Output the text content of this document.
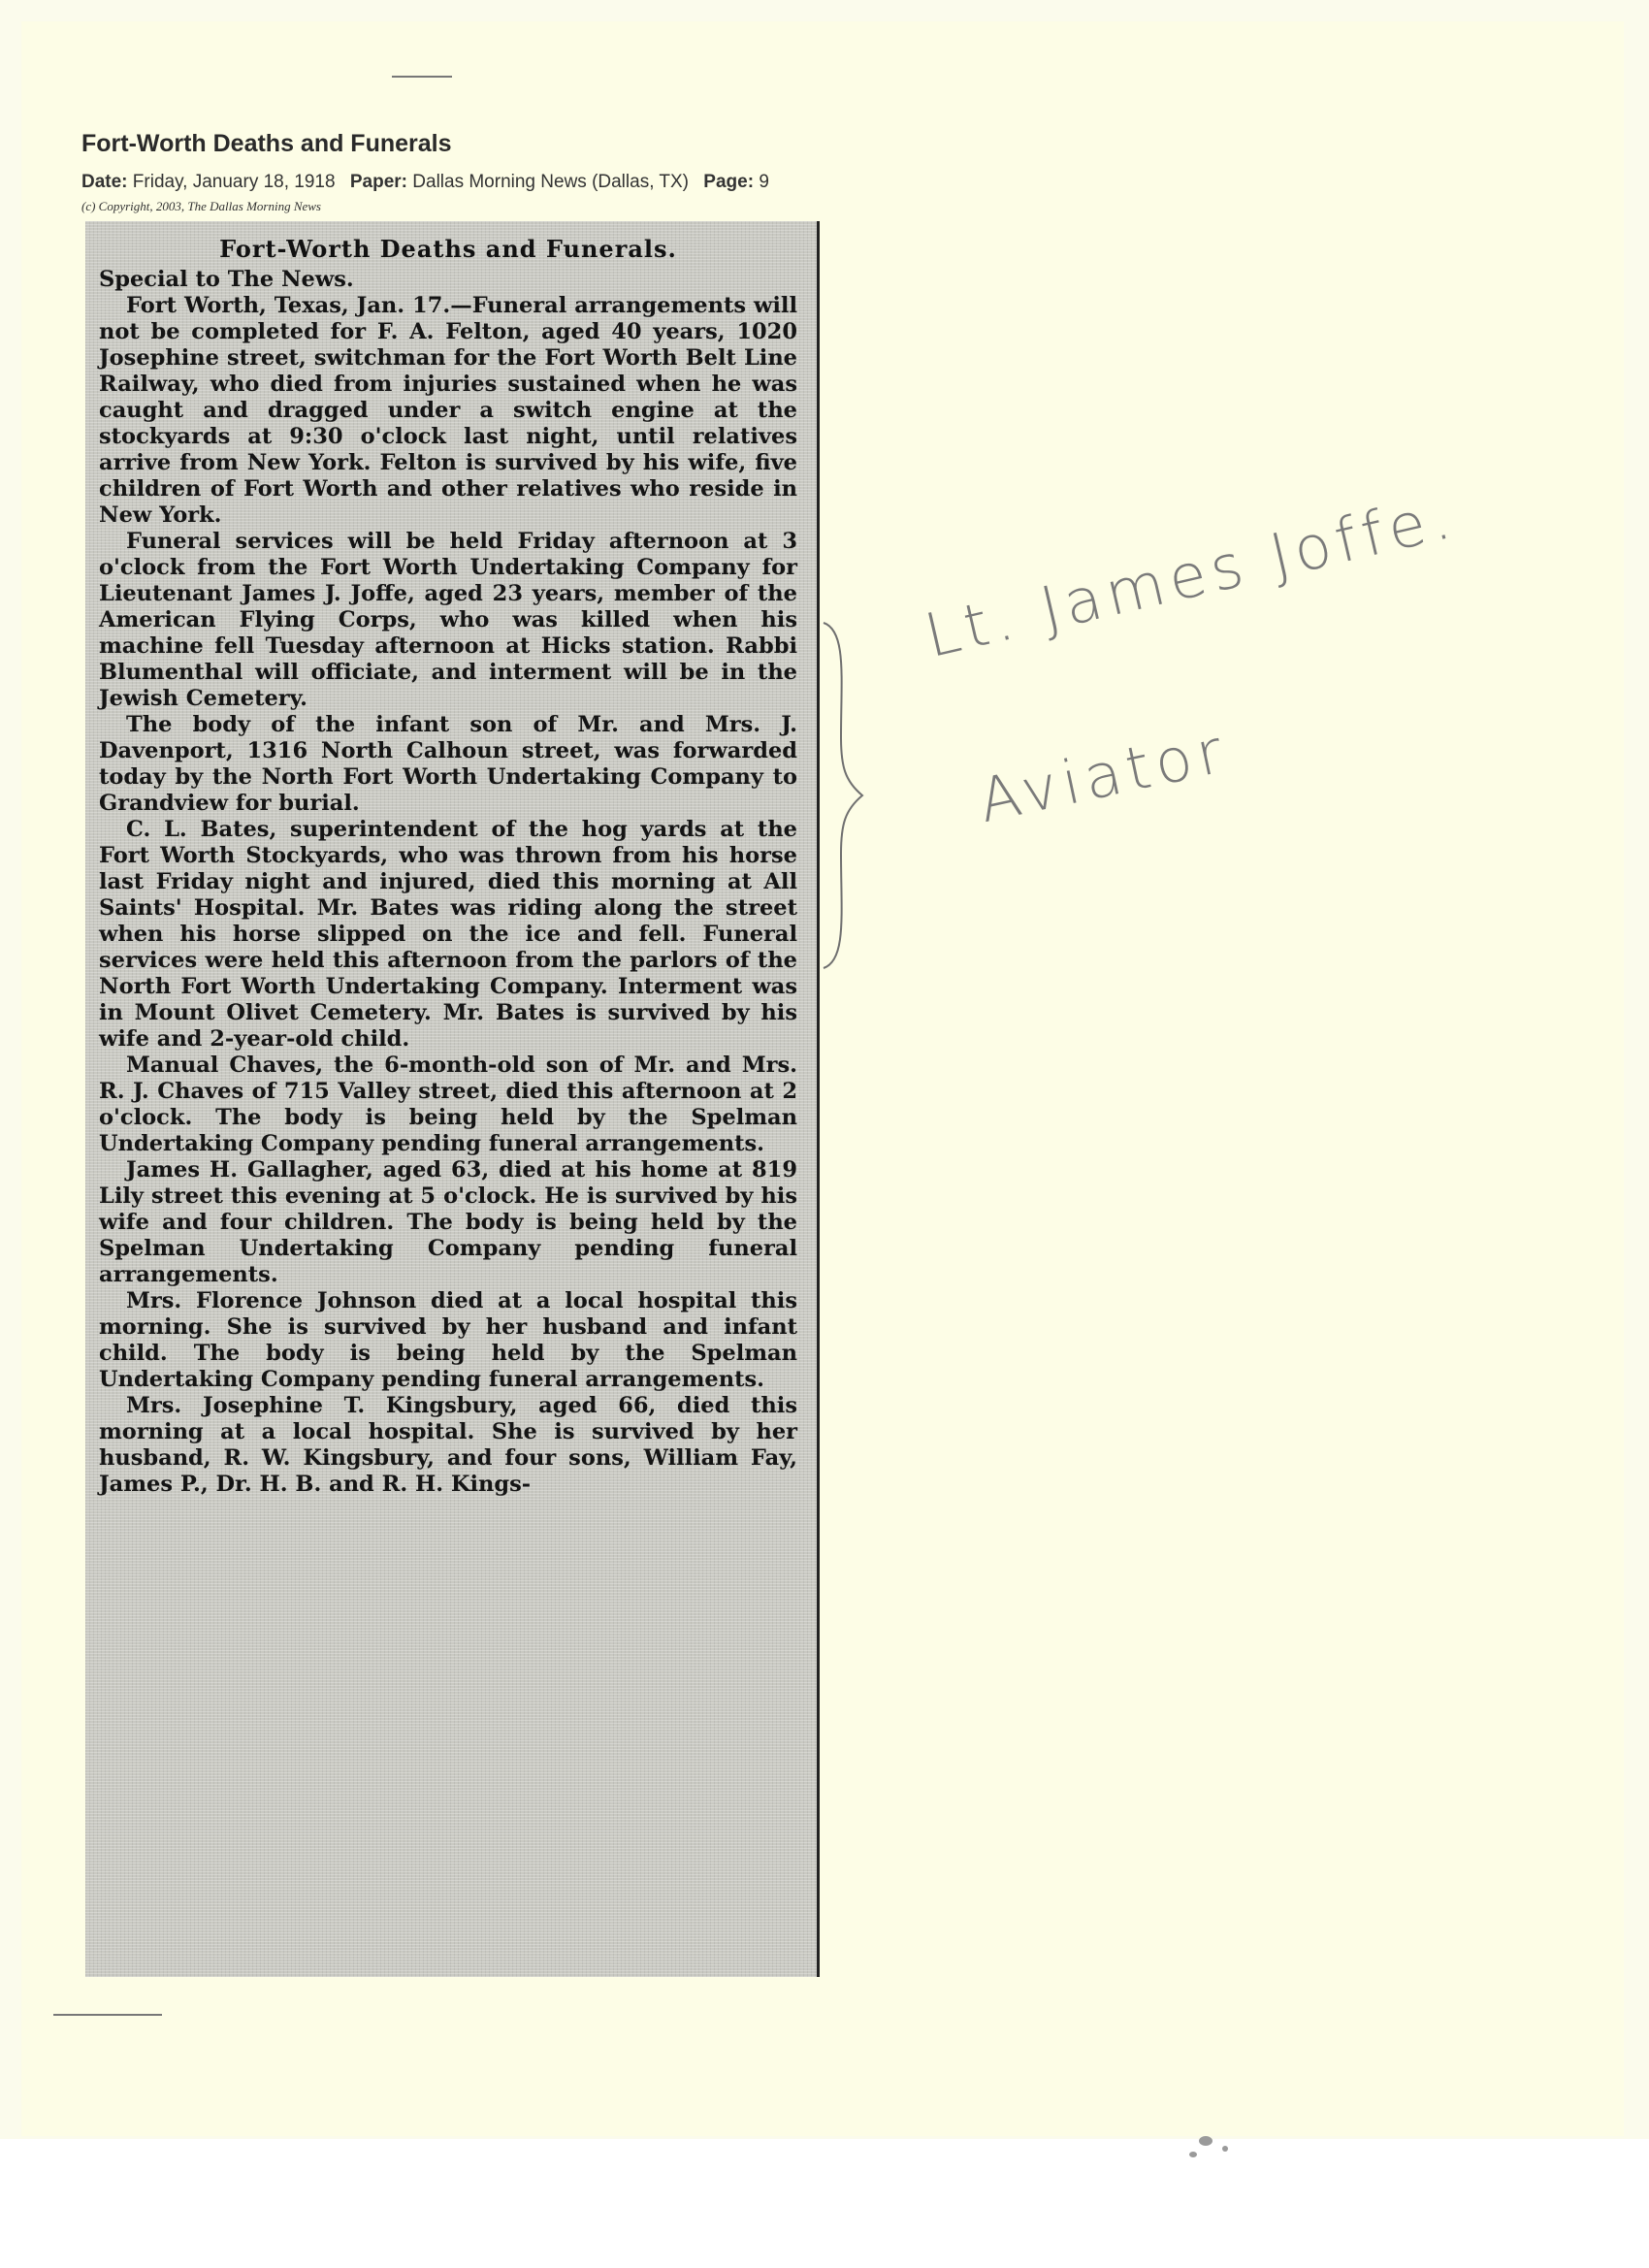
Fort-Worth Deaths and Funerals
Date: Friday, January 18, 1918 Paper: Dallas Morning News (Dallas, TX) Page: 9
(c) Copyright, 2003, The Dallas Morning News
Fort-Worth Deaths and Funerals.

Special to The News.

Fort Worth, Texas, Jan. 17.—Funeral arrangements will not be completed for F. A. Felton, aged 40 years, 1020 Josephine street, switchman for the Fort Worth Belt Line Railway, who died from injuries sustained when he was caught and dragged under a switch engine at the stockyards at 9:30 o'clock last night, until relatives arrive from New York. Felton is survived by his wife, five children of Fort Worth and other relatives who reside in New York.

Funeral services will be held Friday afternoon at 3 o'clock from the Fort Worth Undertaking Company for Lieutenant James J. Joffe, aged 23 years, member of the American Flying Corps, who was killed when his machine fell Tuesday afternoon at Hicks station. Rabbi Blumenthal will officiate, and interment will be in the Jewish Cemetery.

The body of the infant son of Mr. and Mrs. J. Davenport, 1316 North Calhoun street, was forwarded today by the North Fort Worth Undertaking Company to Grandview for burial.

C. L. Bates, superintendent of the hog yards at the Fort Worth Stockyards, who was thrown from his horse last Friday night and injured, died this morning at All Saints' Hospital. Mr. Bates was riding along the street when his horse slipped on the ice and fell. Funeral services were held this afternoon from the parlors of the North Fort Worth Undertaking Company. Interment was in Mount Olivet Cemetery. Mr. Bates is survived by his wife and 2-year-old child.

Manual Chaves, the 6-month-old son of Mr. and Mrs. R. J. Chaves of 715 Valley street, died this afternoon at 2 o'clock. The body is being held by the Spelman Undertaking Company pending funeral arrangements.

James H. Gallagher, aged 63, died at his home at 819 Lily street this evening at 5 o'clock. He is survived by his wife and four children. The body is being held by the Spelman Undertaking Company pending funeral arrangements.

Mrs. Florence Johnson died at a local hospital this morning. She is survived by her husband and infant child. The body is being held by the Spelman Undertaking Company pending funeral arrangements.

Mrs. Josephine T. Kingsbury, aged 66, died this morning at a local hospital. She is survived by her husband, R. W. Kingsbury, and four sons, William Fay, James P., Dr. H. B. and R. H. Kings-

Lt. James Joffe.
Aviator
